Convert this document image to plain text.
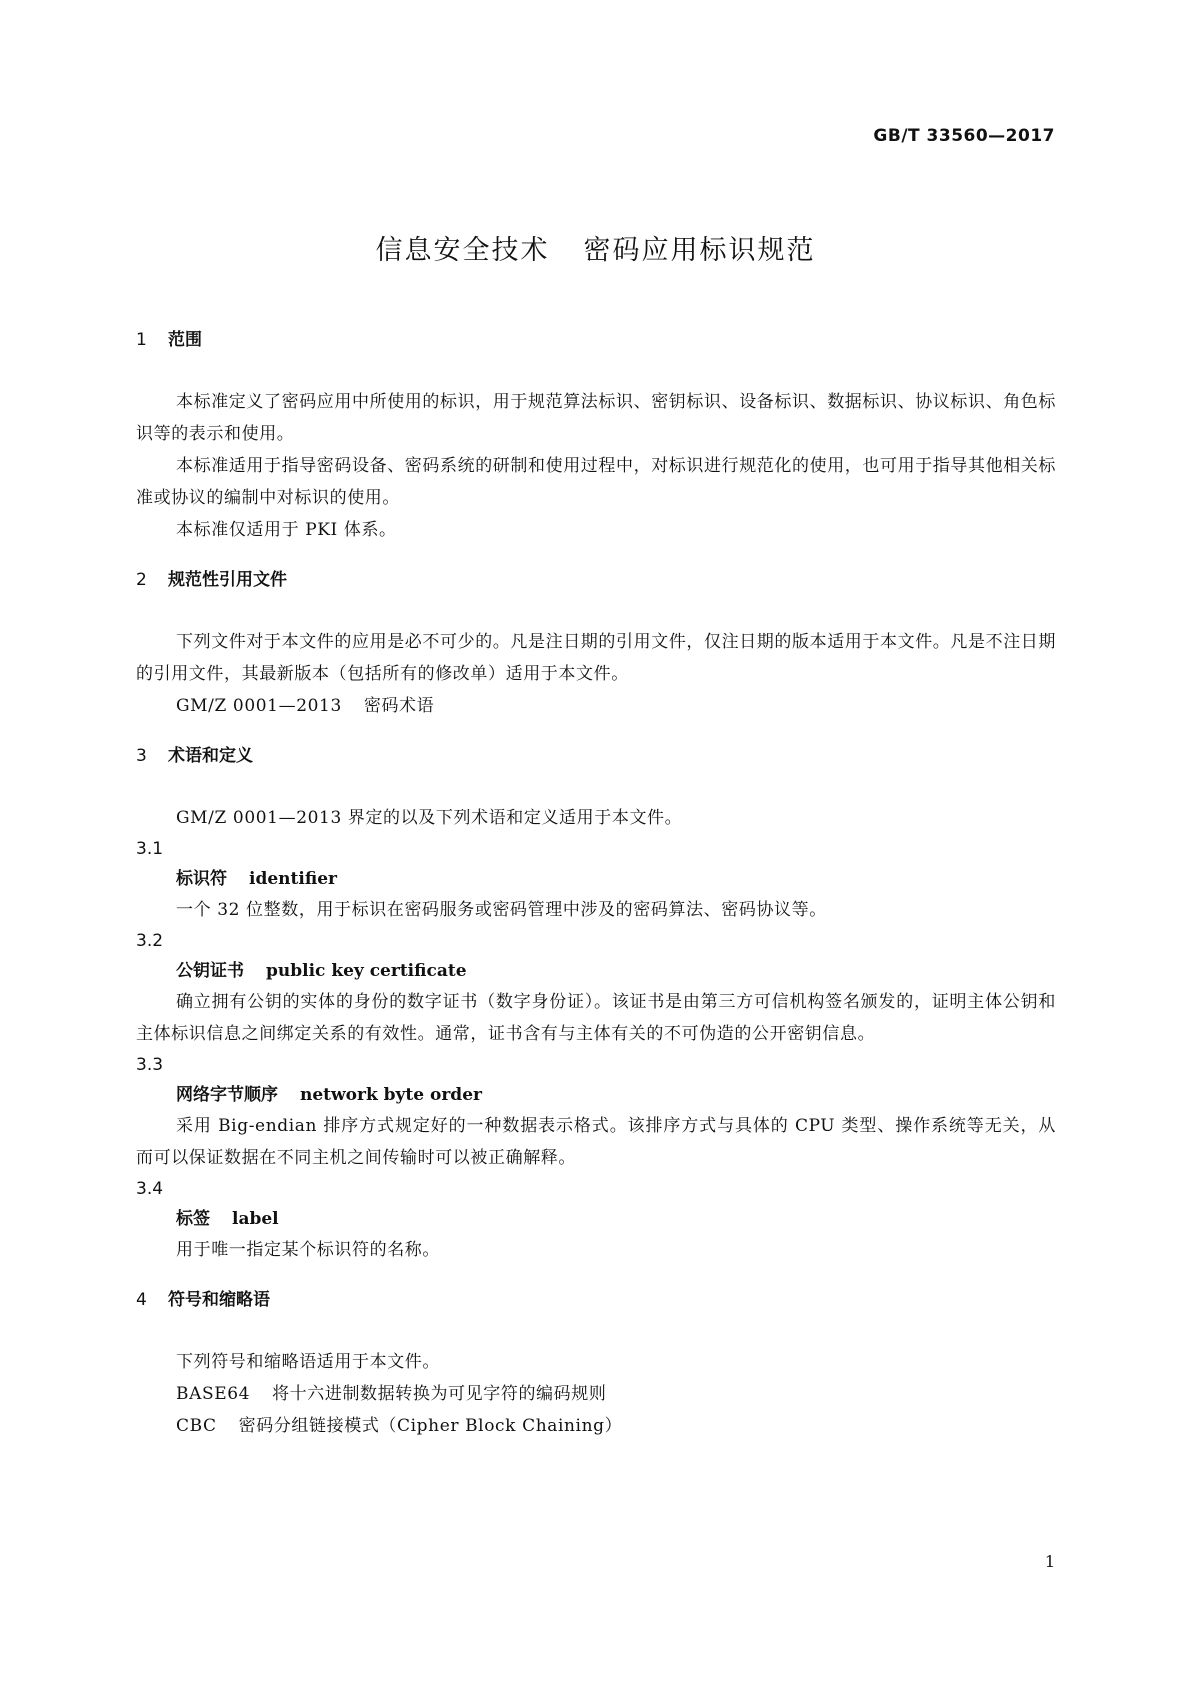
GB/T 33560—2017
信息安全技术 密码应用标识规范
1 范围

本标准定义了密码应用中所使用的标识，用于规范算法标识、密钥标识、设备标识、数据标识、协议标识、角色标识等的表示和使用。

本标准适用于指导密码设备、密码系统的研制和使用过程中，对标识进行规范化的使用，也可用于指导其他相关标准或协议的编制中对标识的使用。

本标准仅适用于 PKI 体系。

2 规范性引用文件

下列文件对于本文件的应用是必不可少的。凡是注日期的引用文件，仅注日期的版本适用于本文件。凡是不注日期的引用文件，其最新版本（包括所有的修改单）适用于本文件。

GM/Z 0001—2013 密码术语

3 术语和定义

GM/Z 0001—2013 界定的以及下列术语和定义适用于本文件。

3.1

标识符 identifier

一个 32 位整数，用于标识在密码服务或密码管理中涉及的密码算法、密码协议等。

3.2

公钥证书 public key certificate

确立拥有公钥的实体的身份的数字证书（数字身份证）。该证书是由第三方可信机构签名颁发的，证明主体公钥和主体标识信息之间绑定关系的有效性。通常，证书含有与主体有关的不可伪造的公开密钥信息。

3.3

网络字节顺序 network byte order

采用 Big-endian 排序方式规定好的一种数据表示格式。该排序方式与具体的 CPU 类型、操作系统等无关，从而可以保证数据在不同主机之间传输时可以被正确解释。

3.4

标签 label

用于唯一指定某个标识符的名称。

4 符号和缩略语

下列符号和缩略语适用于本文件。

BASE64 将十六进制数据转换为可见字符的编码规则

CBC 密码分组链接模式（Cipher Block Chaining）

1
